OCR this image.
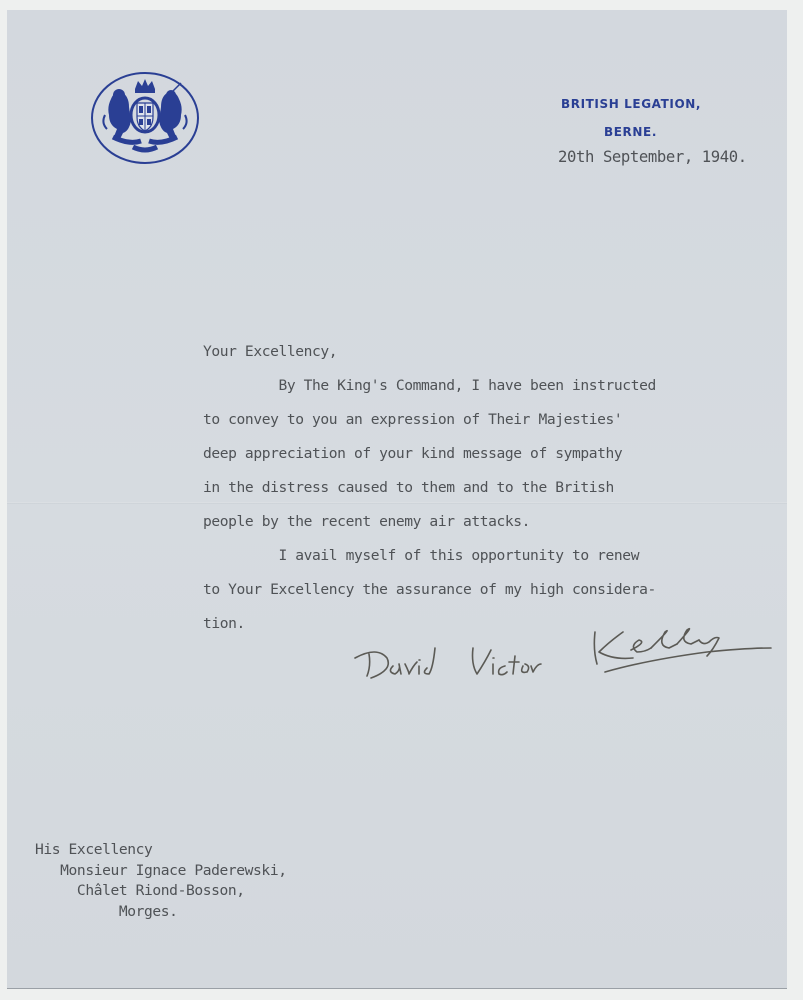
BRITISH LEGATION,
BERNE.
20th September, 1940.
Your Excellency,
By The King's Command, I have been instructed
to convey to you an expression of Their Majesties'
deep appreciation of your kind message of sympathy
in the distress caused to them and to the British
people by the recent enemy air attacks.
I avail myself of this opportunity to renew
to Your Excellency the assurance of my high considera-
tion.
His Excellency
Monsieur Ignace Paderewski,
Châlet Riond-Bosson,
Morges.
